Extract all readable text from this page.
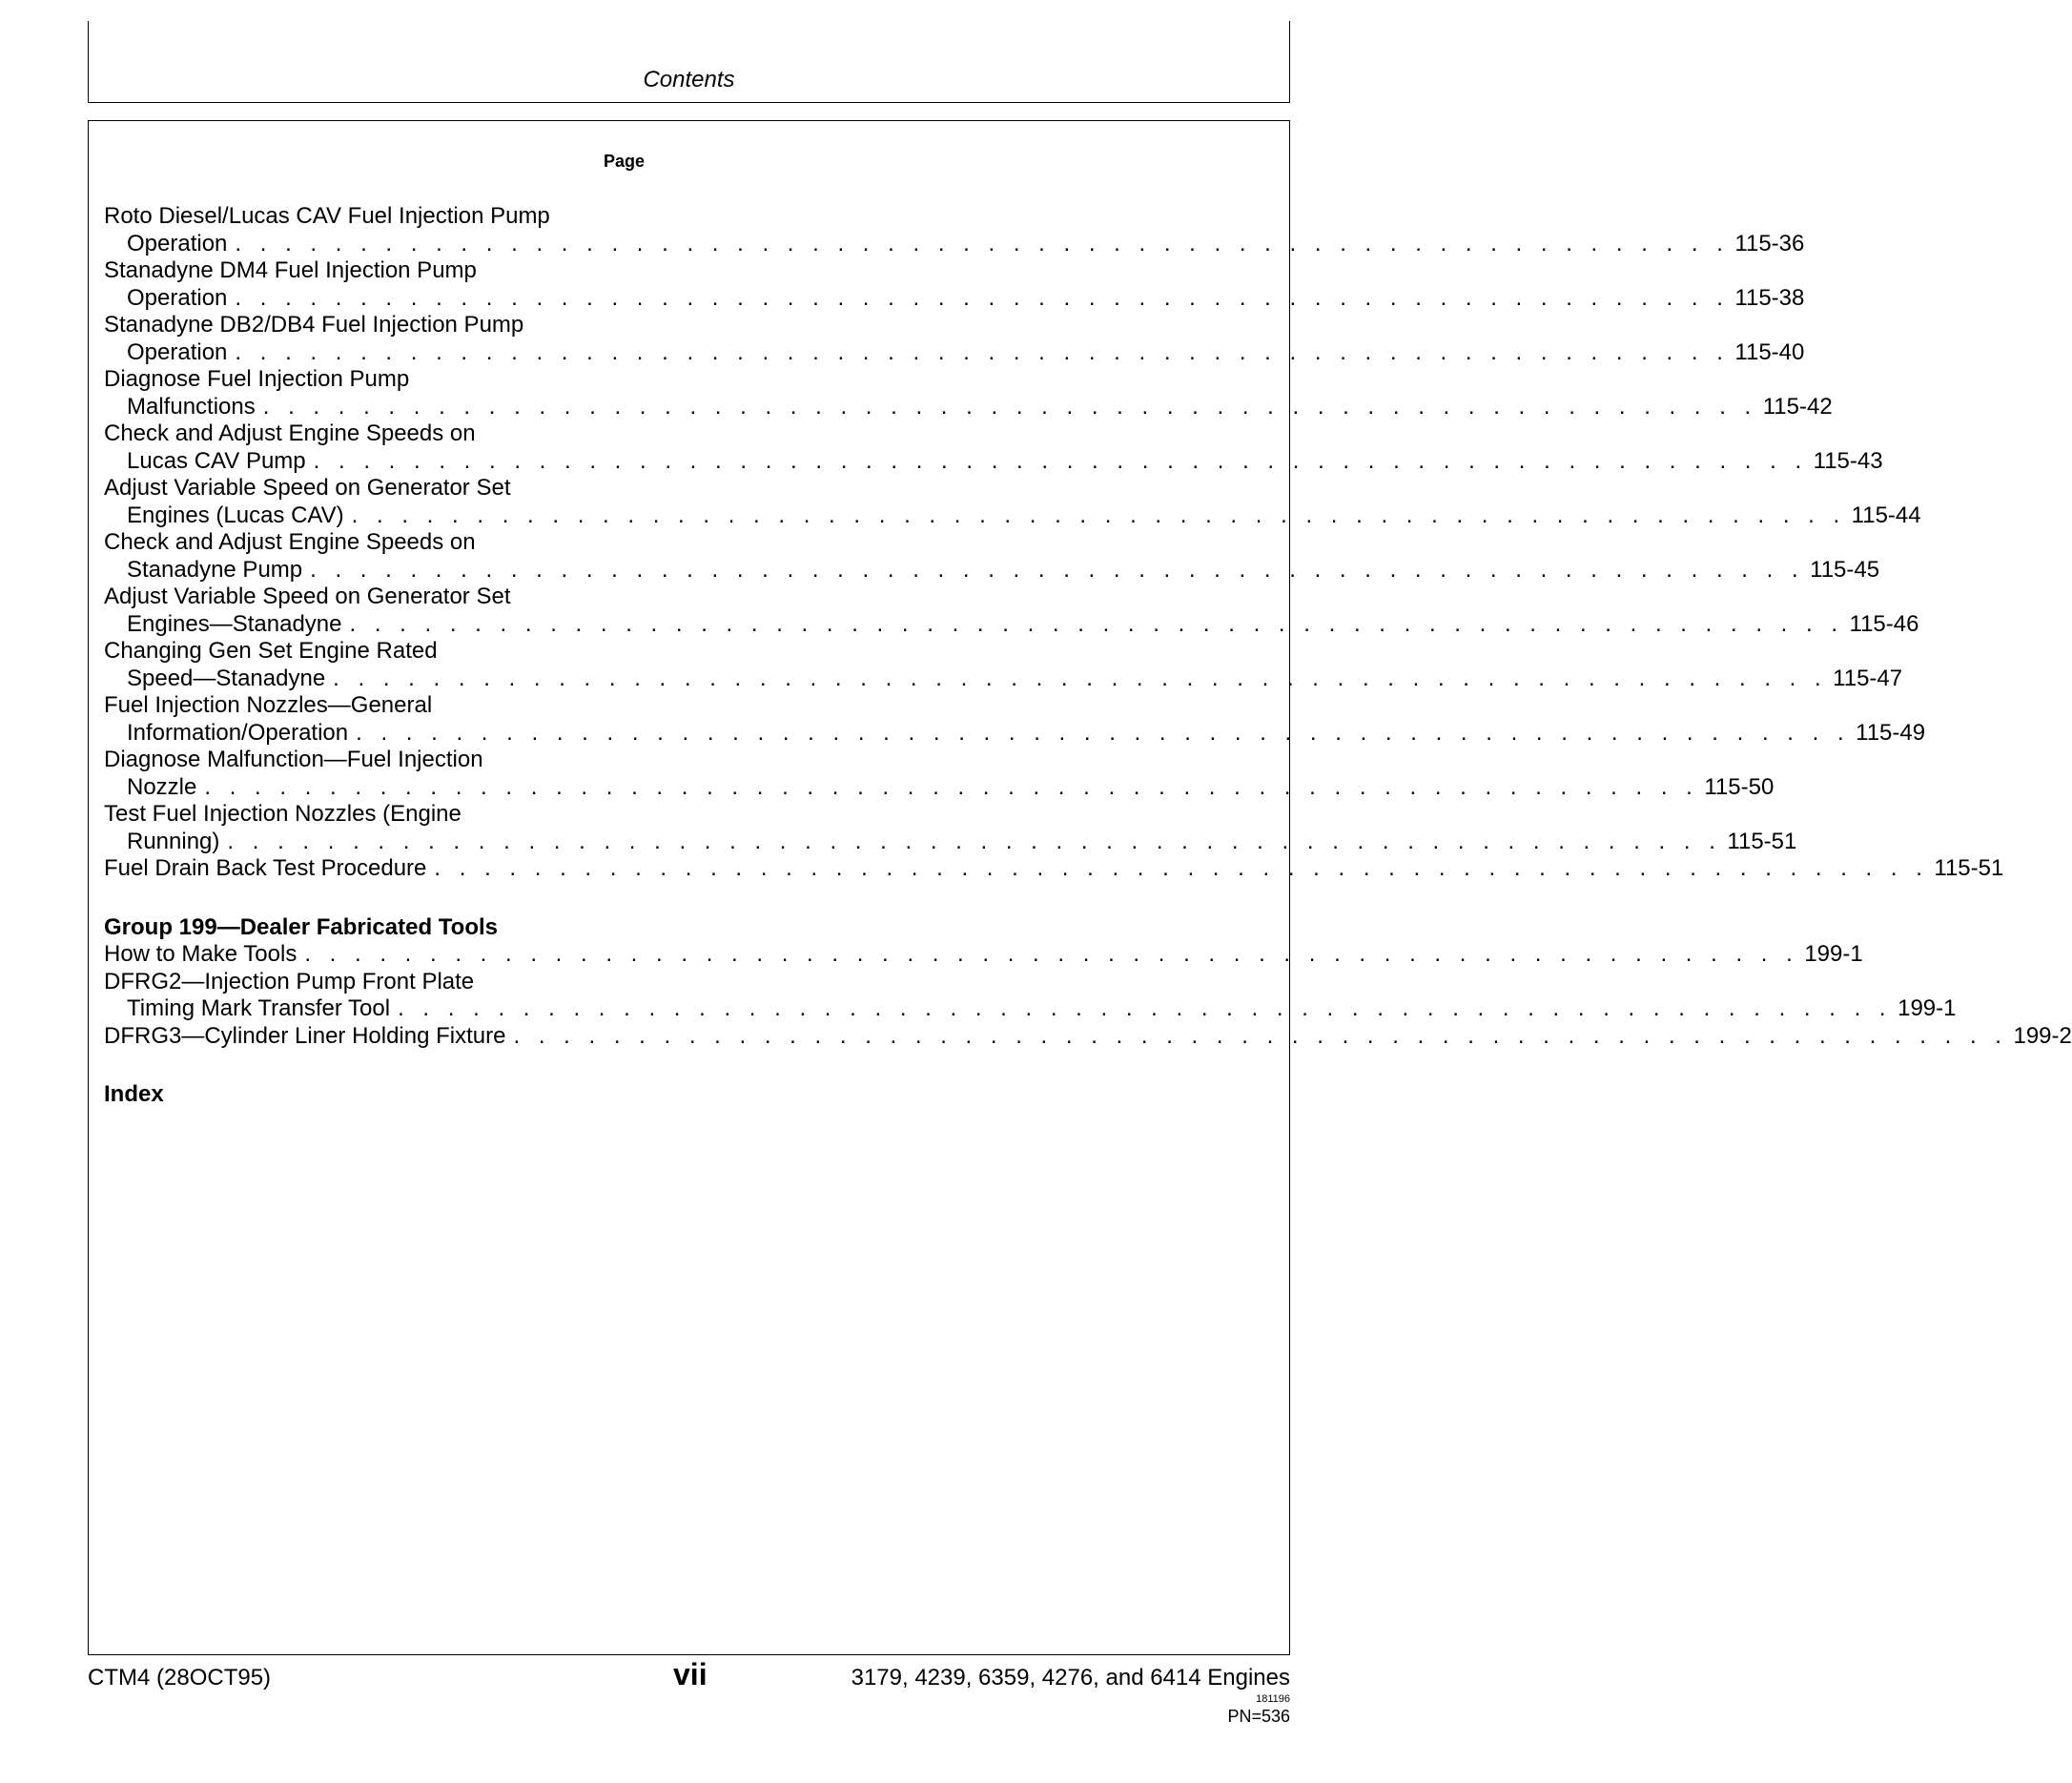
Contents
Page
Roto Diesel/Lucas CAV Fuel Injection Pump
Operation . . . . . . . . . . . . . . . . . . . . . . . . . . . . . . . . . . . . . . . . . . . . . . . . . . . . . . . . . . . . 115-36
Stanadyne DM4 Fuel Injection Pump
Operation . . . . . . . . . . . . . . . . . . . . . . . . . . . . . . . . . . . . . . . . . . . . . . . . . . . . . . . . . . . . 115-38
Stanadyne DB2/DB4 Fuel Injection Pump
Operation . . . . . . . . . . . . . . . . . . . . . . . . . . . . . . . . . . . . . . . . . . . . . . . . . . . . . . . . . . . . 115-40
Diagnose Fuel Injection Pump
Malfunctions . . . . . . . . . . . . . . . . . . . . . . . . . . . . . . . . . . . . . . . . . . . . . . . . . . . . . . . . . . . . 115-42
Check and Adjust Engine Speeds on
Lucas CAV Pump . . . . . . . . . . . . . . . . . . . . . . . . . . . . . . . . . . . . . . . . . . . . . . . . . . . . . . . . . . . . 115-43
Adjust Variable Speed on Generator Set
Engines (Lucas CAV) . . . . . . . . . . . . . . . . . . . . . . . . . . . . . . . . . . . . . . . . . . . . . . . . . . . . . . . . . . . . 115-44
Check and Adjust Engine Speeds on
Stanadyne Pump . . . . . . . . . . . . . . . . . . . . . . . . . . . . . . . . . . . . . . . . . . . . . . . . . . . . . . . . . . . . 115-45
Adjust Variable Speed on Generator Set
Engines—Stanadyne . . . . . . . . . . . . . . . . . . . . . . . . . . . . . . . . . . . . . . . . . . . . . . . . . . . . . . . . . . . . 115-46
Changing Gen Set Engine Rated
Speed—Stanadyne . . . . . . . . . . . . . . . . . . . . . . . . . . . . . . . . . . . . . . . . . . . . . . . . . . . . . . . . . . . . 115-47
Fuel Injection Nozzles—General
Information/Operation . . . . . . . . . . . . . . . . . . . . . . . . . . . . . . . . . . . . . . . . . . . . . . . . . . . . . . . . . . . . 115-49
Diagnose Malfunction—Fuel Injection
Nozzle . . . . . . . . . . . . . . . . . . . . . . . . . . . . . . . . . . . . . . . . . . . . . . . . . . . . . . . . . . . . 115-50
Test Fuel Injection Nozzles (Engine
Running) . . . . . . . . . . . . . . . . . . . . . . . . . . . . . . . . . . . . . . . . . . . . . . . . . . . . . . . . . . . . 115-51
Fuel Drain Back Test Procedure . . . . . . . . . . . . . . . . . . . . . . . . . . . . . . . . . . . . . . . . . . . . . . . . . . . . . . . . . . . . 115-51
Group 199—Dealer Fabricated Tools
How to Make Tools . . . . . . . . . . . . . . . . . . . . . . . . . . . . . . . . . . . . . . . . . . . . . . . . . . . . . . . . . . . . 199-1
DFRG2—Injection Pump Front Plate
Timing Mark Transfer Tool . . . . . . . . . . . . . . . . . . . . . . . . . . . . . . . . . . . . . . . . . . . . . . . . . . . . . . . . . . . . 199-1
DFRG3—Cylinder Liner Holding Fixture . . . . . . . . . . . . . . . . . . . . . . . . . . . . . . . . . . . . . . . . . . . . . . . . . . . . . . . . . . . . 199-2
Index
CTM4 (28OCT95)	vii	3179, 4239, 6359, 4276, and 6414 Engines
181196
PN=536
